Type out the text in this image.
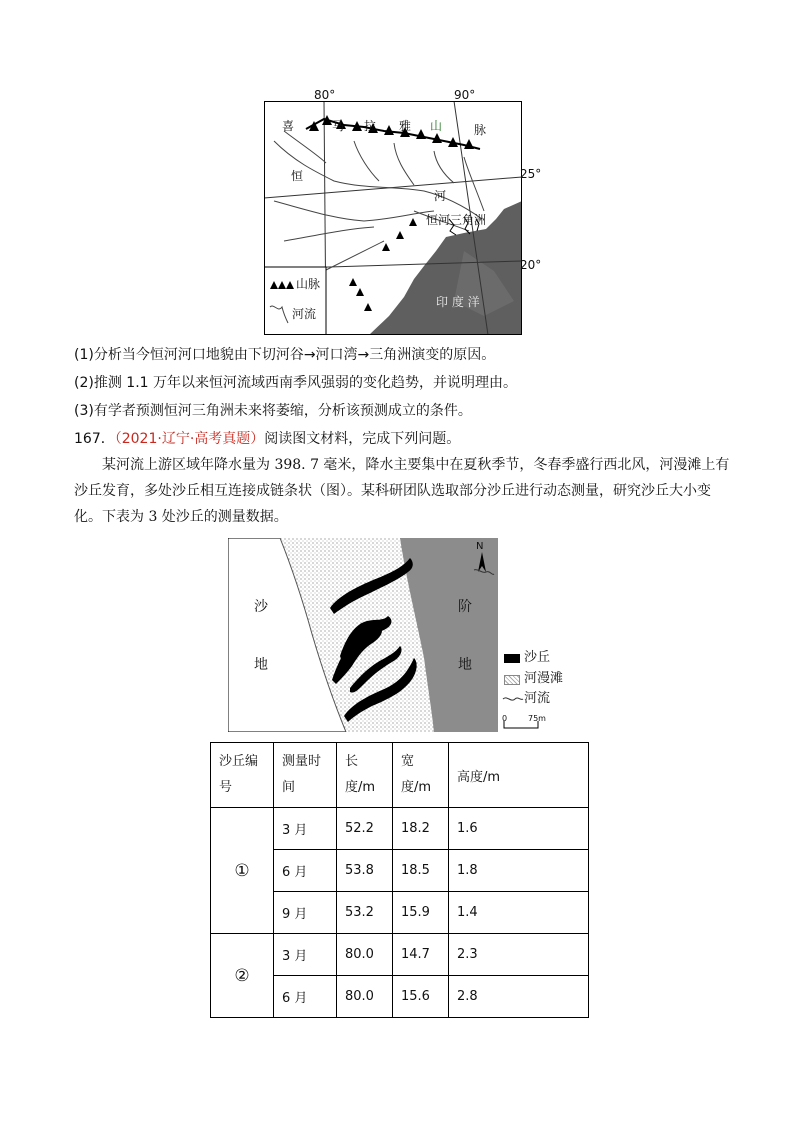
80°	90°
25°
20°
喜	马 拉 雅 山	脉
恒
河
恒河三角洲
印 度 洋
山脉
河流
(1)分析当今恒河河口地貌由下切河谷→河口湾→三角洲演变的原因。
(2)推测 1.1 万年以来恒河流域西南季风强弱的变化趋势，并说明理由。
(3)有学者预测恒河三角洲未来将萎缩，分析该预测成立的条件。
167．（2021·辽宁·高考真题）阅读图文材料，完成下列问题。
某河流上游区域年降水量为 398. 7 毫米，降水主要集中在夏秋季节，冬春季盛行西北风，河漫滩上有沙丘发育，多处沙丘相互连接成链条状（图）。某科研团队选取部分沙丘进行动态测量，研究沙丘大小变化。下表为 3 处沙丘的测量数据。
N
沙
地
阶
地	沙丘
河漫滩
河流
0	75m
沙丘编号	测量时间	长度/m	宽度/m	高度/m
①	3 月	52.2	18.2	1.6
	6 月	53.8	18.5	1.8
	9 月	53.2	15.9	1.4
②	3 月	80.0	14.7	2.3
	6 月	80.0	15.6	2.8
